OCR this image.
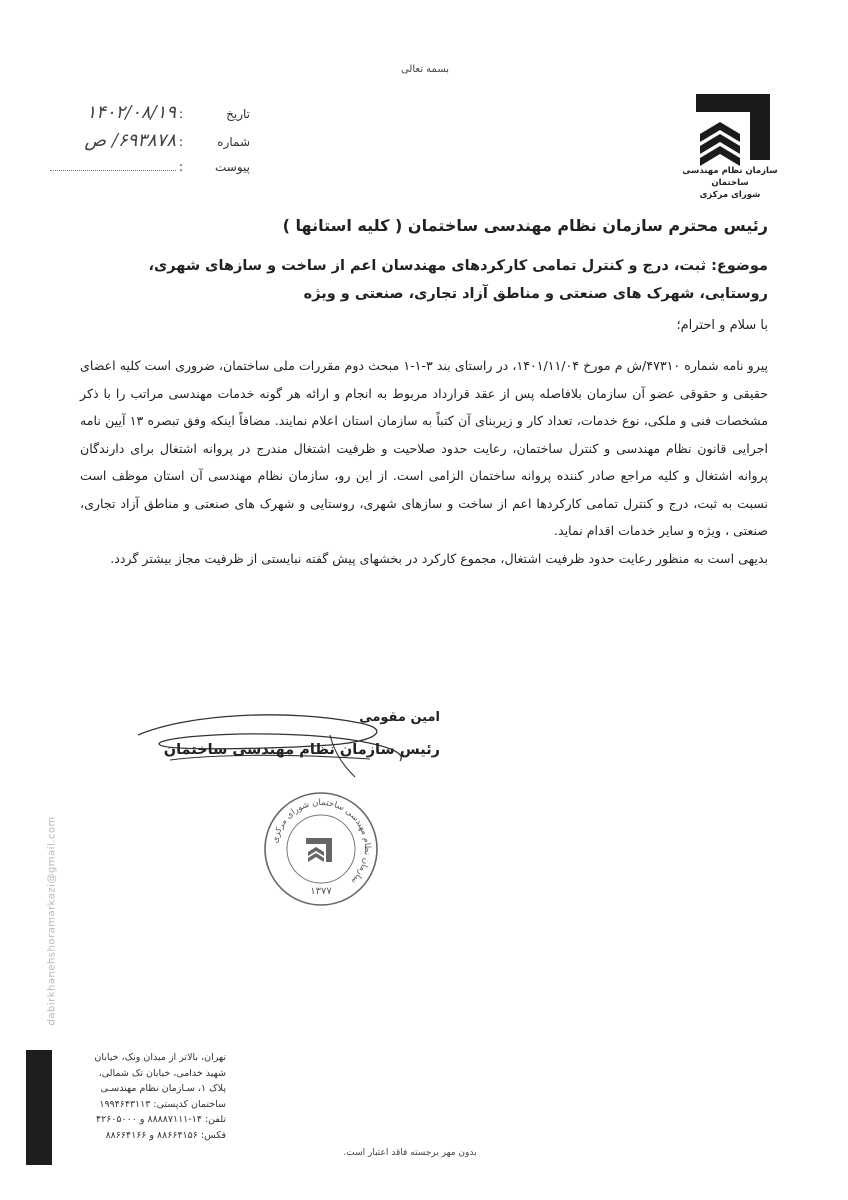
بسمه تعالی
سازمان نظام مهندسی ساختمان
شورای مرکزی
تاریخ
:
۱۴۰۲/۰۸/۱۹
شماره
:
۶۹۳۸۷۸/ ص
پیوست
:
رئیس محترم سازمان نظام مهندسی ساختمان ( کلیه استانها )
موضوع: ثبت، درج و کنترل تمامی کارکردهای مهندسان اعم از ساخت و سازهای شهری، روستایی، شهرک های صنعتی و مناطق آزاد تجاری، صنعتی و ویژه
با سلام و احترام؛

پیرو نامه شماره ۴۷۳۱۰/ش م مورخ ۱۴۰۱/۱۱/۰۴، در راستای بند ۳-۱-۱ مبحث دوم مقررات ملی ساختمان، ضروری است کلیه اعضای حقیقی و حقوقی عضو آن سازمان بلافاصله پس از عقد قرارداد مربوط به انجام و ارائه هر گونه خدمات مهندسی مراتب را با ذکر مشخصات فنی و ملکی، نوع خدمات، تعداد کار و زیربنای آن کتباً به سازمان استان اعلام نمایند. مضافاً اینکه وفق تبصره ۱۳ آیین نامه اجرایی قانون نظام مهندسی و کنترل ساختمان، رعایت حدود صلاحیت و ظرفیت اشتغال مندرج در پروانه اشتغال برای دارندگان پروانه اشتغال و کلیه مراجع صادر کننده پروانه ساختمان الزامی است. از این رو، سازمان نظام مهندسی آن استان موظف است نسبت به ثبت، درج و کنترل تمامی کارکردها اعم از ساخت و سازهای شهری، روستایی و شهرک های صنعتی و مناطق آزاد تجاری، صنعتی ، ویژه و سایر خدمات اقدام نماید.

بدیهی است به منظور رعایت حدود ظرفیت اشتغال، مجموع کارکرد در بخشهای پیش گفته نبایستی از ظرفیت مجاز بیشتر گردد.

امین مقومی
رئیس سازمان نظام مهندسی ساختمان
سازمان نظام مهندسی ساختمان شورای مرکزی
۱۳۷۷
dabirkhanehshoramarkazi@gmail.com
تهران، بالاتر از میدان ونک، خیابان
شهید خدامی، خیابان تک شمالی،
پلاک ۱، سـازمان نظام مهندسـی
ساختمان کدپستی: ۱۹۹۴۶۴۳۱۱۳
تلفن: ۱۴-۸۸۸۸۷۱۱۱ و ۴۲۶۰۵۰۰۰
فکس: ۸۸۶۶۴۱۵۶ و ۸۸۶۶۴۱۶۶
بدون مهر برجسته فاقد اعتبار است.
